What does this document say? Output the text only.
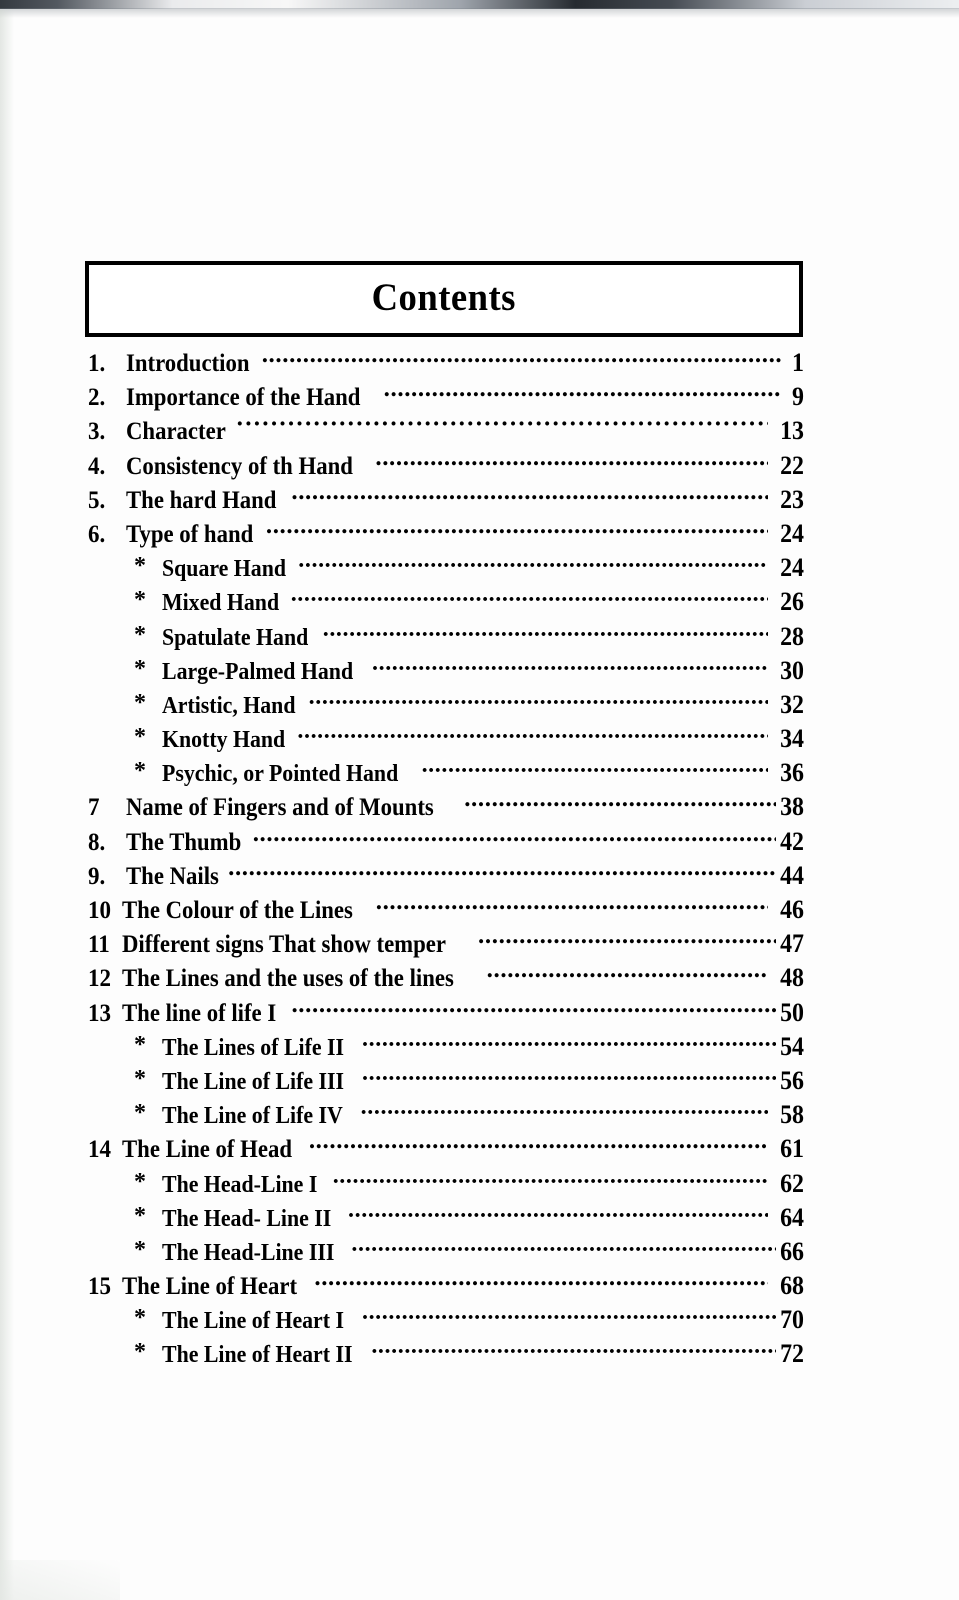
Contents
1. Introduction .....	1
2. Importance of the Hand .....	9
3. Character ·····	13
4. Consistency of th Hand .....	22
5. The hard Hand .....	23
6. Type of hand .....	24
* Square Hand .....	24
* Mixed Hand .....	26
* Spatulate Hand .....	28
* Large-Palmed Hand .....	30
* Artistic, Hand .....	32
* Knotty Hand .....	34
* Psychic, or Pointed Hand .....	36
7	Name of Fingers and of Mounts .....	38
8. The Thumb .....	42
9. The Nails .....	44
10 The Colour of the Lines .....	46
11 Different signs That show temper .....	47
12 The Lines and the uses of the lines .....	48
13 The line of life I .....	50
* The Lines of Life II .....	54
* The Line of Life III .....	56
* The Line of Life IV .....	58
14 The Line of Head .....	61
* The Head-Line I .....	62
* The Head- Line II .....	64
* The Head-Line III .....	66
15 The Line of Heart .....	68
* The Line of Heart I .....	70
* The Line of Heart II .....	72
